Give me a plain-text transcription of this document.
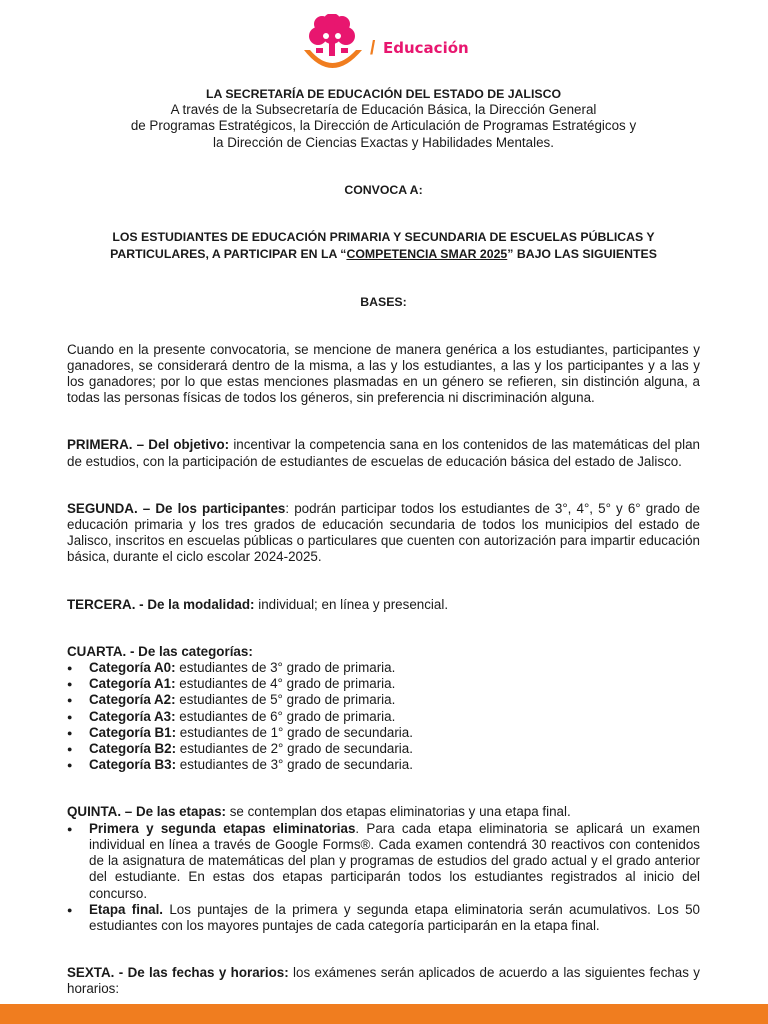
/ Educación

LA SECRETARÍA DE EDUCACIÓN DEL ESTADO DE JALISCO

A través de la Subsecretaría de Educación Básica, la Dirección General

de Programas Estratégicos, la Dirección de Articulación de Programas Estratégicos y

la Dirección de Ciencias Exactas y Habilidades Mentales.

CONVOCA A:

LOS ESTUDIANTES DE EDUCACIÓN PRIMARIA Y SECUNDARIA DE ESCUELAS PÚBLICAS Y PARTICULARES, A PARTICIPAR EN LA “COMPETENCIA SMAR 2025” BAJO LAS SIGUIENTES

BASES:

Cuando en la presente convocatoria, se mencione de manera genérica a los estudiantes, participantes y ganadores, se considerará dentro de la misma, a las y los estudiantes, a las y los participantes y a las y los ganadores; por lo que estas menciones plasmadas en un género se refieren, sin distinción alguna, a todas las personas físicas de todos los géneros, sin preferencia ni discriminación alguna.

PRIMERA. – Del objetivo: incentivar la competencia sana en los contenidos de las matemáticas del plan de estudios, con la participación de estudiantes de escuelas de educación básica del estado de Jalisco.

SEGUNDA. – De los participantes: podrán participar todos los estudiantes de 3°, 4°, 5° y 6° grado de educación primaria y los tres grados de educación secundaria de todos los municipios del estado de Jalisco, inscritos en escuelas públicas o particulares que cuenten con autorización para impartir educación básica, durante el ciclo escolar 2024-2025.

TERCERA. - De la modalidad: individual; en línea y presencial.

CUARTA. - De las categorías:

● Categoría A0: estudiantes de 3° grado de primaria.
● Categoría A1: estudiantes de 4° grado de primaria.
● Categoría A2: estudiantes de 5° grado de primaria.
● Categoría A3: estudiantes de 6° grado de primaria.
● Categoría B1: estudiantes de 1° grado de secundaria.
● Categoría B2: estudiantes de 2° grado de secundaria.
● Categoría B3: estudiantes de 3° grado de secundaria.

QUINTA. – De las etapas: se contemplan dos etapas eliminatorias y una etapa final.

● Primera y segunda etapas eliminatorias. Para cada etapa eliminatoria se aplicará un examen individual en línea a través de Google Forms®. Cada examen contendrá 30 reactivos con contenidos de la asignatura de matemáticas del plan y programas de estudios del grado actual y el grado anterior del estudiante. En estas dos etapas participarán todos los estudiantes registrados al inicio del concurso.
● Etapa final. Los puntajes de la primera y segunda etapa eliminatoria serán acumulativos. Los 50 estudiantes con los mayores puntajes de cada categoría participarán en la etapa final.

SEXTA. - De las fechas y horarios: los exámenes serán aplicados de acuerdo a las siguientes fechas y horarios:
